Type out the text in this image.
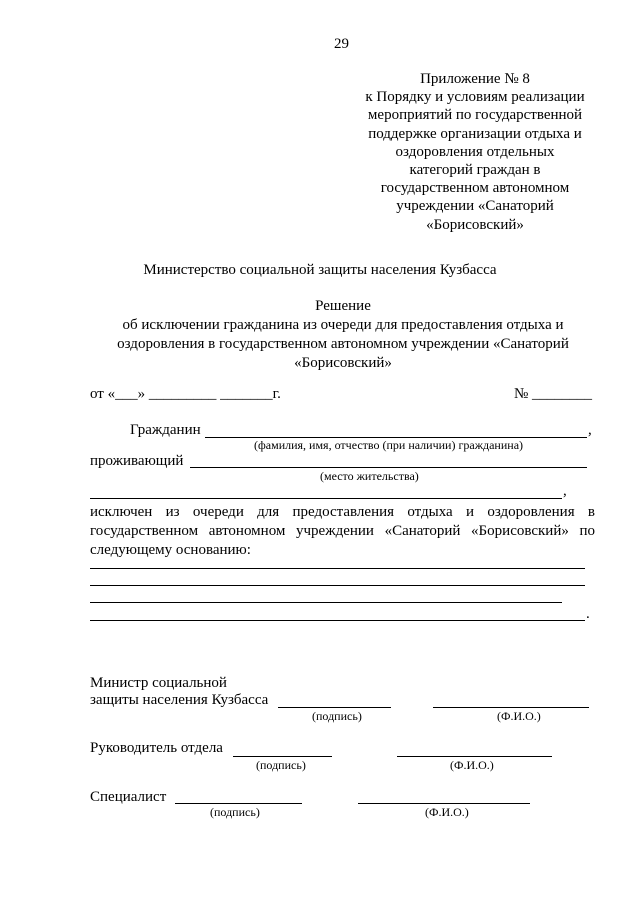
29
Приложение № 8
к Порядку и условиям реализации
мероприятий по государственной
поддержке организации отдыха и
оздоровления отдельных
категорий граждан в
государственном автономном
учреждении «Санаторий
«Борисовский»
Министерство социальной защиты населения Кузбасса
Решение
об исключении гражданина из очереди для предоставления отдыха и
оздоровления в государственном автономном учреждении «Санаторий
«Борисовский»
от «___» _________ _______г.	№ ________
Гражданин	,
(фамилия, имя, отчество (при наличии) гражданина)
проживающий
(место жительства)
,
исключен из очереди для предоставления отдыха и оздоровления в государственном автономном учреждении «Санаторий «Борисовский» по следующему основанию:
.
Министр социальной
защиты населения Кузбасса
(подпись)	(Ф.И.О.)
Руководитель отдела
(подпись)	(Ф.И.О.)
Специалист
(подпись)	(Ф.И.О.)
